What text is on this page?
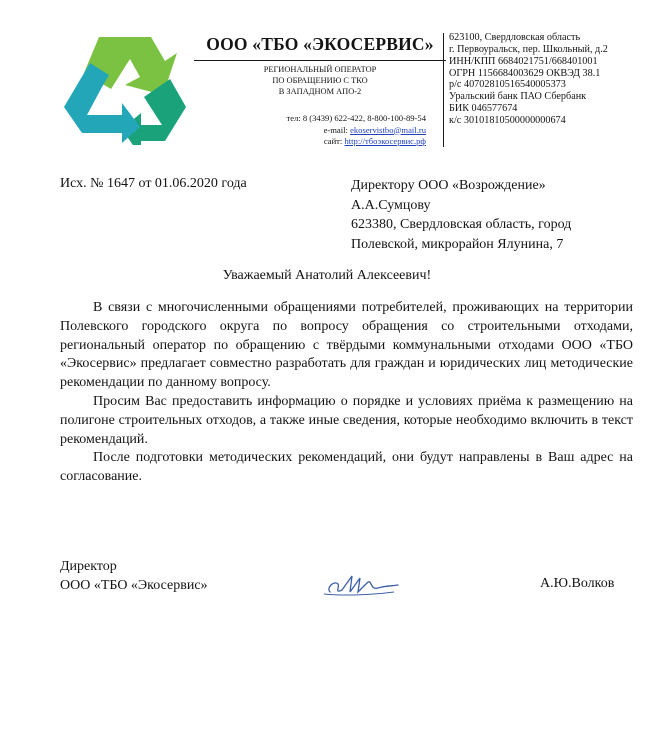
ООО «ТБО «ЭКОСЕРВИС»
РЕГИОНАЛЬНЫЙ ОПЕРАТОР
ПО ОБРАЩЕНИЮ С ТКО
В ЗАПАДНОМ АПО-2
тел: 8 (3439) 622-422, 8-800-100-89-54
e-mail: ekoservistbo@mail.ru
сайт: http://тбоэкосервис.рф
623100, Свердловская область
г. Первоуральск, пер. Школьный, д.2
ИНН/КПП 6684021751/668401001
ОГРН 1156684003629 ОКВЭД 38.1
р/с 40702810516540005373
Уральский банк ПАО Сбербанк
БИК 046577674
к/с 30101810500000000674
Исх. № 1647 от 01.06.2020 года	Директору ООО «Возрождение»
А.А.Сумцову
623380, Свердловская область, город
Полевской, микрорайон Ялунина, 7
Уважаемый Анатолий Алексеевич!

В связи с многочисленными обращениями потребителей, проживающих на территории Полевского городского округа по вопросу обращения со строительными отходами, региональный оператор по обращению с твёрдыми коммунальными отходами ООО «ТБО «Экосервис» предлагает совместно разработать для граждан и юридических лиц методические рекомендации по данному вопросу.

Просим Вас предоставить информацию о порядке и условиях приёма к размещению на полигоне строительных отходов, а также иные сведения, которые необходимо включить в текст рекомендаций.

После подготовки методических рекомендаций, они будут направлены в Ваш адрес на согласование.

Директор
ООО «ТБО «Экосервис»	А.Ю.Волков
